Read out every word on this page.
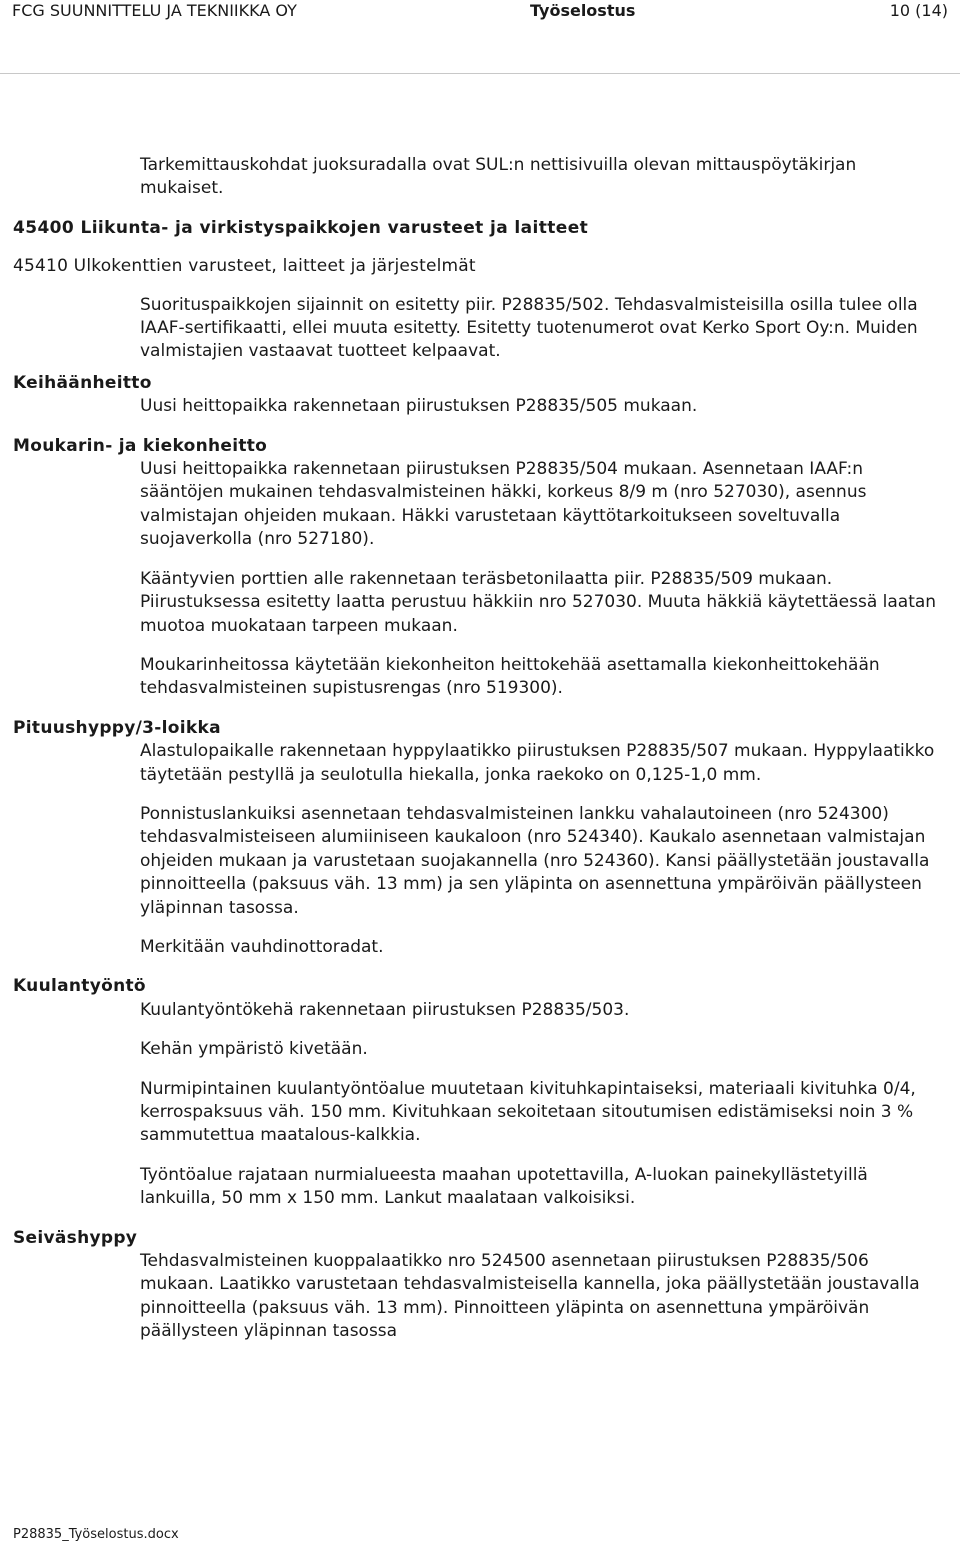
FCG SUUNNITTELU JA TEKNIIKKA OY	Työselostus	10 (14)

Tarkemittauskohdat juoksuradalla ovat SUL:n nettisivuilla olevan mittauspöytäkirjan mukaiset.

45400 Liikunta- ja virkistyspaikkojen varusteet ja laitteet

45410 Ulkokenttien varusteet, laitteet ja järjestelmät

Suorituspaikkojen sijainnit on esitetty piir. P28835/502. Tehdasvalmisteisilla osilla tulee olla IAAF-sertifikaatti, ellei muuta esitetty. Esitetty tuotenumerot ovat Kerko Sport Oy:n. Muiden valmistajien vastaavat tuotteet kelpaavat.

Keihäänheitto

Uusi heittopaikka rakennetaan piirustuksen P28835/505 mukaan.

Moukarin- ja kiekonheitto

Uusi heittopaikka rakennetaan piirustuksen P28835/504 mukaan. Asennetaan IAAF:n sääntöjen mukainen tehdasvalmisteinen häkki, korkeus 8/9 m (nro 527030), asennus valmistajan ohjeiden mukaan. Häkki varustetaan käyttötarkoitukseen soveltuvalla suojaverkolla (nro 527180).

Kääntyvien porttien alle rakennetaan teräsbetonilaatta piir. P28835/509 mukaan. Piirustuksessa esitetty laatta perustuu häkkiin nro 527030. Muuta häkkiä käytettäessä laatan muotoa muokataan tarpeen mukaan.

Moukarinheitossa käytetään kiekonheiton heittokehää asettamalla kiekonheittokehään tehdasvalmisteinen supistusrengas (nro 519300).

Pituushyppy/3-loikka

Alastulopaikalle rakennetaan hyppylaatikko piirustuksen P28835/507 mukaan. Hyppylaatikko täytetään pestyllä ja seulotulla hiekalla, jonka raekoko on 0,125-1,0 mm.

Ponnistuslankuiksi asennetaan tehdasvalmisteinen lankku vahalautoineen (nro 524300) tehdasvalmisteiseen alumiiniseen kaukaloon (nro 524340). Kaukalo asennetaan valmistajan ohjeiden mukaan ja varustetaan suojakannella (nro 524360). Kansi päällystetään joustavalla pinnoitteella (paksuus väh. 13 mm) ja sen yläpinta on asennettuna ympäröivän päällysteen yläpinnan tasossa.

Merkitään vauhdinottoradat.

Kuulantyöntö

Kuulantyöntökehä rakennetaan piirustuksen P28835/503.

Kehän ympäristö kivetään.

Nurmipintainen kuulantyöntöalue muutetaan kivituhkapintaiseksi, materiaali kivituhka 0/4, kerrospaksuus väh. 150 mm. Kivituhkaan sekoitetaan sitoutumisen edistämiseksi noin 3 % sammutettua maatalous-kalkkia.

Työntöalue rajataan nurmialueesta maahan upotettavilla, A-luokan painekyllästetyillä lankuilla, 50 mm x 150 mm. Lankut maalataan valkoisiksi.

Seiväshyppy

Tehdasvalmisteinen kuoppalaatikko nro 524500 asennetaan piirustuksen P28835/506 mukaan. Laatikko varustetaan tehdasvalmisteisella kannella, joka päällystetään joustavalla pinnoitteella (paksuus väh. 13 mm). Pinnoitteen yläpinta on asennettuna ympäröivän päällysteen yläpinnan tasossa

P28835_Työselostus.docx
